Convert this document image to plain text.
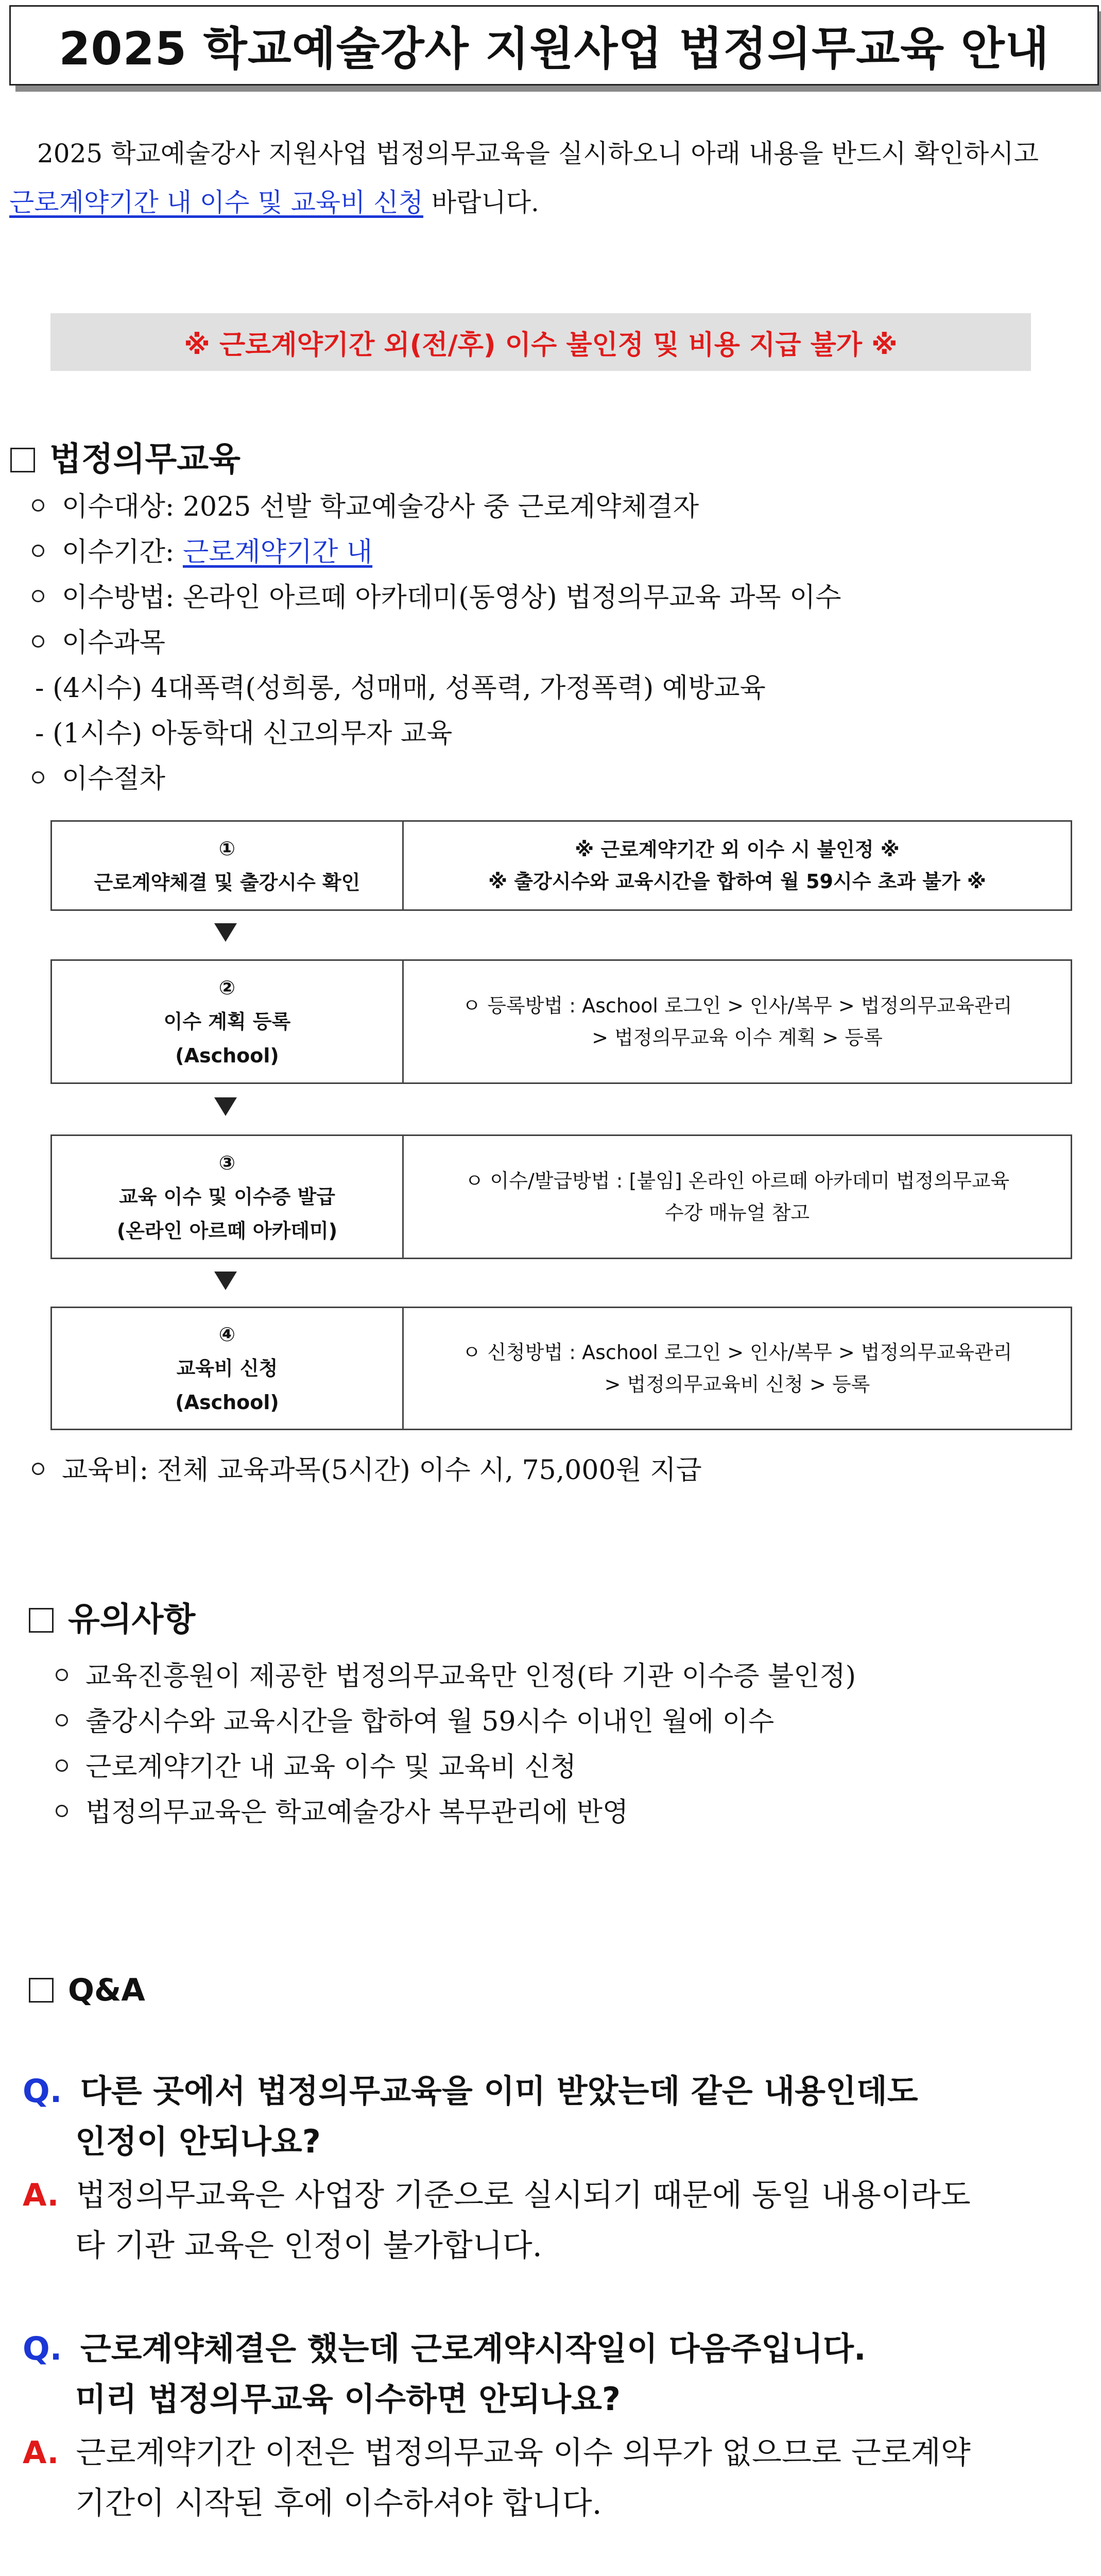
2025 학교예술강사 지원사업 법정의무교육 안내
2025 학교예술강사 지원사업 법정의무교육을 실시하오니 아래 내용을 반드시 확인하시고
근로계약기간 내 이수 및 교육비 신청 바랍니다.
※ 근로계약기간 외(전/후) 이수 불인정 및 비용 지급 불가 ※
법정의무교육
이수대상: 2025 선발 학교예술강사 중 근로계약체결자
이수기간: 근로계약기간 내
이수방법: 온라인 아르떼 아카데미(동영상) 법정의무교육 과목 이수
이수과목
- (4시수) 4대폭력(성희롱, 성매매, 성폭력, 가정폭력) 예방교육
- (1시수) 아동학대 신고의무자 교육
이수절차
①
근로계약체결 및 출강시수 확인
※ 근로계약기간 외 이수 시 불인정 ※
※ 출강시수와 교육시간을 합하여 월 59시수 초과 불가 ※
②
이수 계획 등록
(Aschool)
ㅇ 등록방법 : Aschool 로그인 > 인사/복무 > 법정의무교육관리
> 법정의무교육 이수 계획 > 등록
③
교육 이수 및 이수증 발급
(온라인 아르떼 아카데미)
ㅇ 이수/발급방법 : [붙임] 온라인 아르떼 아카데미 법정의무교육
수강 매뉴얼 참고
④
교육비 신청
(Aschool)
ㅇ 신청방법 : Aschool 로그인 > 인사/복무 > 법정의무교육관리
> 법정의무교육비 신청 > 등록
교육비: 전체 교육과목(5시간) 이수 시, 75,000원 지급
유의사항
교육진흥원이 제공한 법정의무교육만 인정(타 기관 이수증 불인정)
출강시수와 교육시간을 합하여 월 59시수 이내인 월에 이수
근로계약기간 내 교육 이수 및 교육비 신청
법정의무교육은 학교예술강사 복무관리에 반영
Q&A
Q. 다른 곳에서 법정의무교육을 이미 받았는데 같은 내용인데도
인정이 안되나요?
A. 법정의무교육은 사업장 기준으로 실시되기 때문에 동일 내용이라도
타 기관 교육은 인정이 불가합니다.
Q. 근로계약체결은 했는데 근로계약시작일이 다음주입니다.
미리 법정의무교육 이수하면 안되나요?
A. 근로계약기간 이전은 법정의무교육 이수 의무가 없으므로 근로계약
기간이 시작된 후에 이수하셔야 합니다.
